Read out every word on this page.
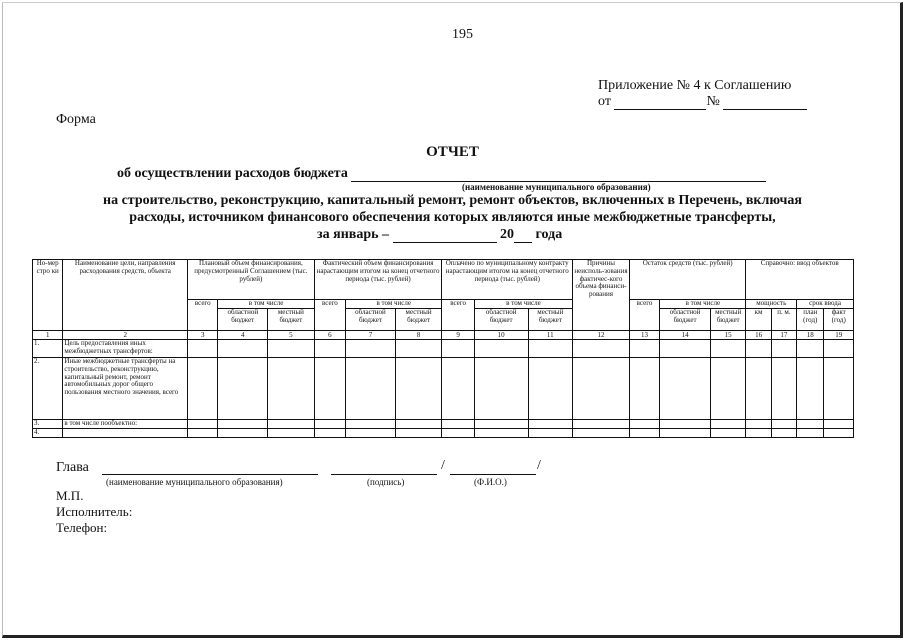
195
Приложение № 4 к Соглашению
от	№
Форма
ОТЧЕТ
об осуществлении расходов бюджета
(наименование муниципального образования)
на строительство, реконструкцию, капитальный ремонт, ремонт объектов, включенных в Перечень, включая
расходы, источником финансового обеспечения которых являются иные межбюджетные трансферты,
за январь –	20 года
Но-мер стро ки	Наименование цели, направления расходования средств, объекта	Плановый объем финансирования, предусмотренный Соглашением (тыс. рублей)			Фактический объем финансирования нарастающим итогом на конец отчетного периода (тыс. рублей)			Оплачено по муниципальному контракту нарастающим итогом на конец отчетного периода (тыс. рублей)			Причины неисполь-зования фактичес-кого объема финанси-рования	Остаток средств (тыс. рублей)			Справочно: ввод объектов			
		всего	в том числе		всего	в том числе		всего	в том числе			всего	в том числе		мощность		срок ввода	
			областной бюджет	местный бюджет		областной бюджет	местный бюджет		областной бюджет	местный бюджет			областной бюджет	местный бюджет	км	п. м.	план (год)	факт (год)
1	2	3	4	5	6	7	8	9	10	11	12	13	14	15	16	17	18	19
1.	Цель предоставления иных межбюджетных трансфертов:																	
2.	Иные межбюджетные трансферты на строительство, реконструкцию, капитальный ремонт, ремонт автомобильных дорог общего пользования местного значения, всего																	
3.	в том числе пообъектно:																	
4.																		
Глава	/	/
(наименование муниципального образования)	(подпись)	(Ф.И.О.)
М.П.
Исполнитель:
Телефон:
